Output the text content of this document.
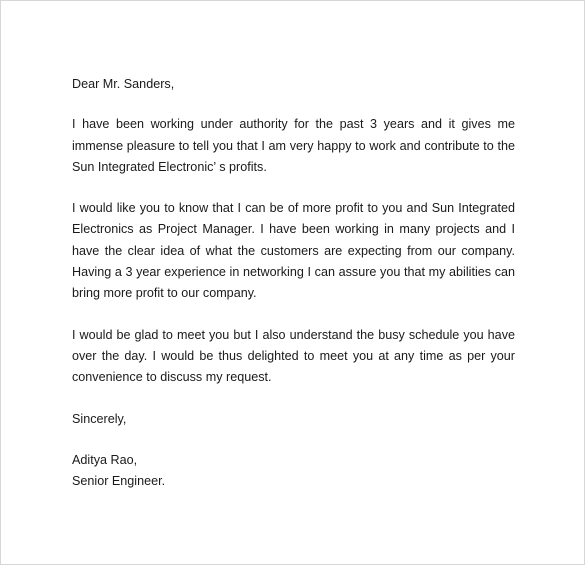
Dear Mr. Sanders,

I have been working under authority for the past 3 years and it gives me immense pleasure to tell you that I am very happy to work and contribute to the Sun Integrated Electronic’ s profits.

I would like you to know that I can be of more profit to you and Sun Integrated Electronics as Project Manager. I have been working in many projects and I have the clear idea of what the customers are expecting from our company. Having a 3 year experience in networking I can assure you that my abilities can bring more profit to our company.

I would be glad to meet you but I also understand the busy schedule you have over the day. I would be thus delighted to meet you at any time as per your convenience to discuss my request.

Sincerely,

Aditya Rao,

Senior Engineer.
